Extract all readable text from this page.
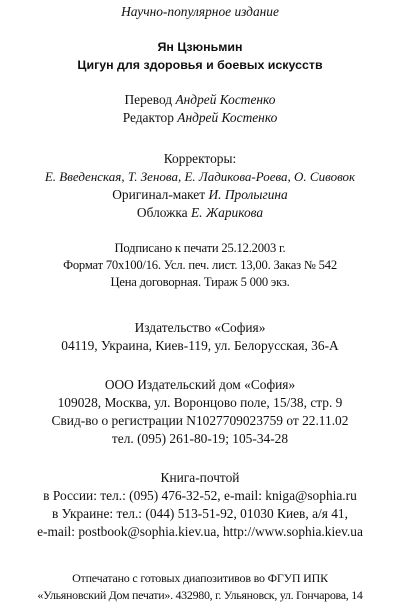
Научно-популярное издание
Ян Цзюньмин
Цигун для здоровья и боевых искусств
Перевод Андрей Костенко
Редактор Андрей Костенко
Корректоры:
Е. Введенская, Т. Зенова, Е. Ладикова-Роева, О. Сивовок
Оригинал-макет И. Пролыгина
Обложка Е. Жарикова
Подписано к печати 25.12.2003 г.
Формат 70х100/16. Усл. печ. лист. 13,00. Заказ № 542
Цена договорная. Тираж 5 000 экз.
Издательство «София»
04119, Украина, Киев-119, ул. Белорусская, 36-А
ООО Издательский дом «София»
109028, Москва, ул. Воронцово поле, 15/38, стр. 9
Свид-во о регистрации N1027709023759 от 22.11.02
тел. (095) 261-80-19; 105-34-28
Книга-почтой
в России: тел.: (095) 476-32-52, e-mail: kniga@sophia.ru
в Украине: тел.: (044) 513-51-92, 01030 Киев, а/я 41,
e-mail: postbook@sophia.kiev.ua, http://www.sophia.kiev.ua
Отпечатано с готовых диапозитивов во ФГУП ИПК
«Ульяновский Дом печати». 432980, г. Ульяновск, ул. Гончарова, 14
